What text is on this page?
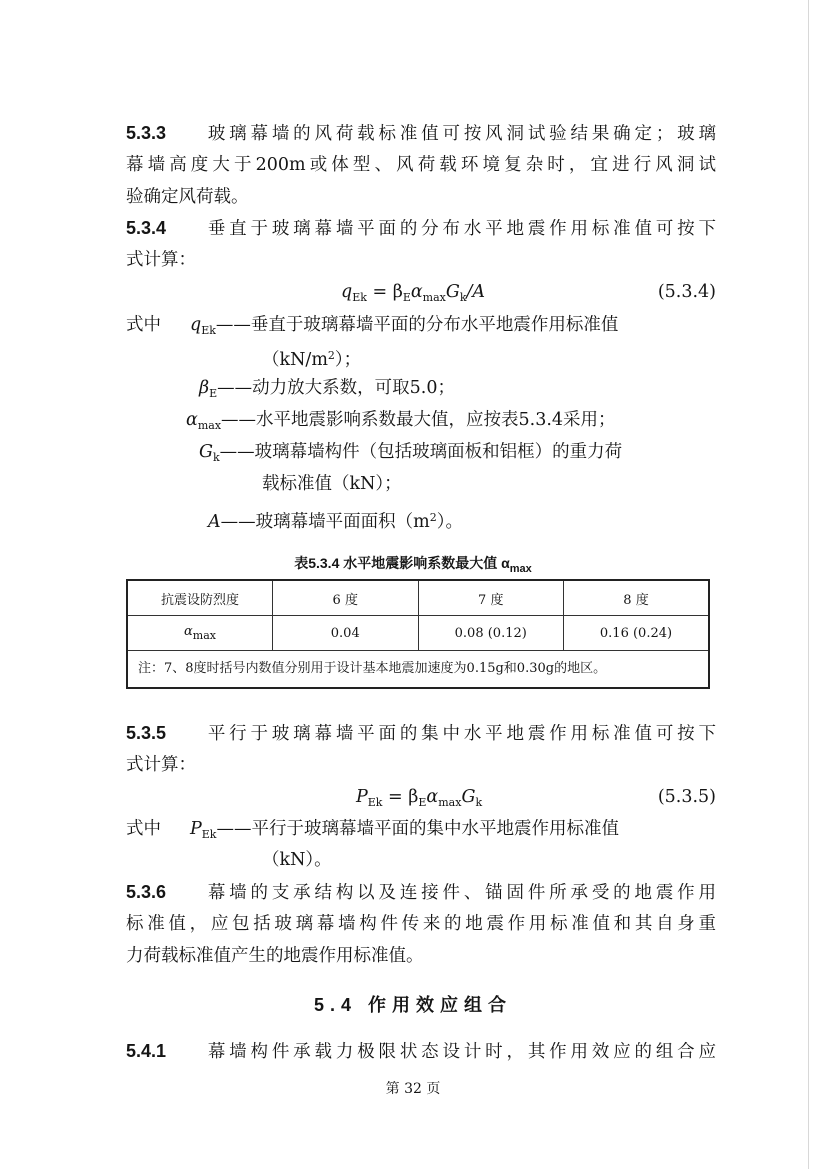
5.3.3 玻璃幕墙的风荷载标准值可按风洞试验结果确定；玻璃
幕墙高度大于200m或体型、风荷载环境复杂时，宜进行风洞试
验确定风荷载。
5.3.4 垂直于玻璃幕墙平面的分布水平地震作用标准值可按下
式计算：
$q_{Ek} = \beta_E\alpha_{max}G_k/A$	(5.3.4)
式中 $q_{Ek}——$垂直于玻璃幕墙平面的分布水平地震作用标准值
$(kN/m^2)$；
$\beta_E——$动力放大系数，可取5.0；
$\alpha_{max}——$水平地震影响系数最大值，应按表5.3.4采用；
$G_k——$玻璃幕墙构件（包括玻璃面板和铝框）的重力荷
载标准值（kN）；
A——玻璃幕墙平面面积$(m^2)$。
表5.3.4 水平地震影响系数最大值 $\alpha_{max}$
抗震设防烈度	6 度	7 度	8 度
$\alpha_{max}$	0.04	0.08 (0.12)	0.16 (0.24)
注：7、8度时括号内数值分别用于设计基本地震加速度为0.15g和0.30g的地区。			
5.3.5 平行于玻璃幕墙平面的集中水平地震作用标准值可按下
式计算：
$P_{Ek} = \beta_E\alpha_{max}G_k$	(5.3.5)
式中 $P_{Ek}——$平行于玻璃幕墙平面的集中水平地震作用标准值
（kN）。
5.3.6 幕墙的支承结构以及连接件、锚固件所承受的地震作用
标准值，应包括玻璃幕墙构件传来的地震作用标准值和其自身重
力荷载标准值产生的地震作用标准值。
5.4 作用效应组合
5.4.1 幕墙构件承载力极限状态设计时，其作用效应的组合应
第 32 页
